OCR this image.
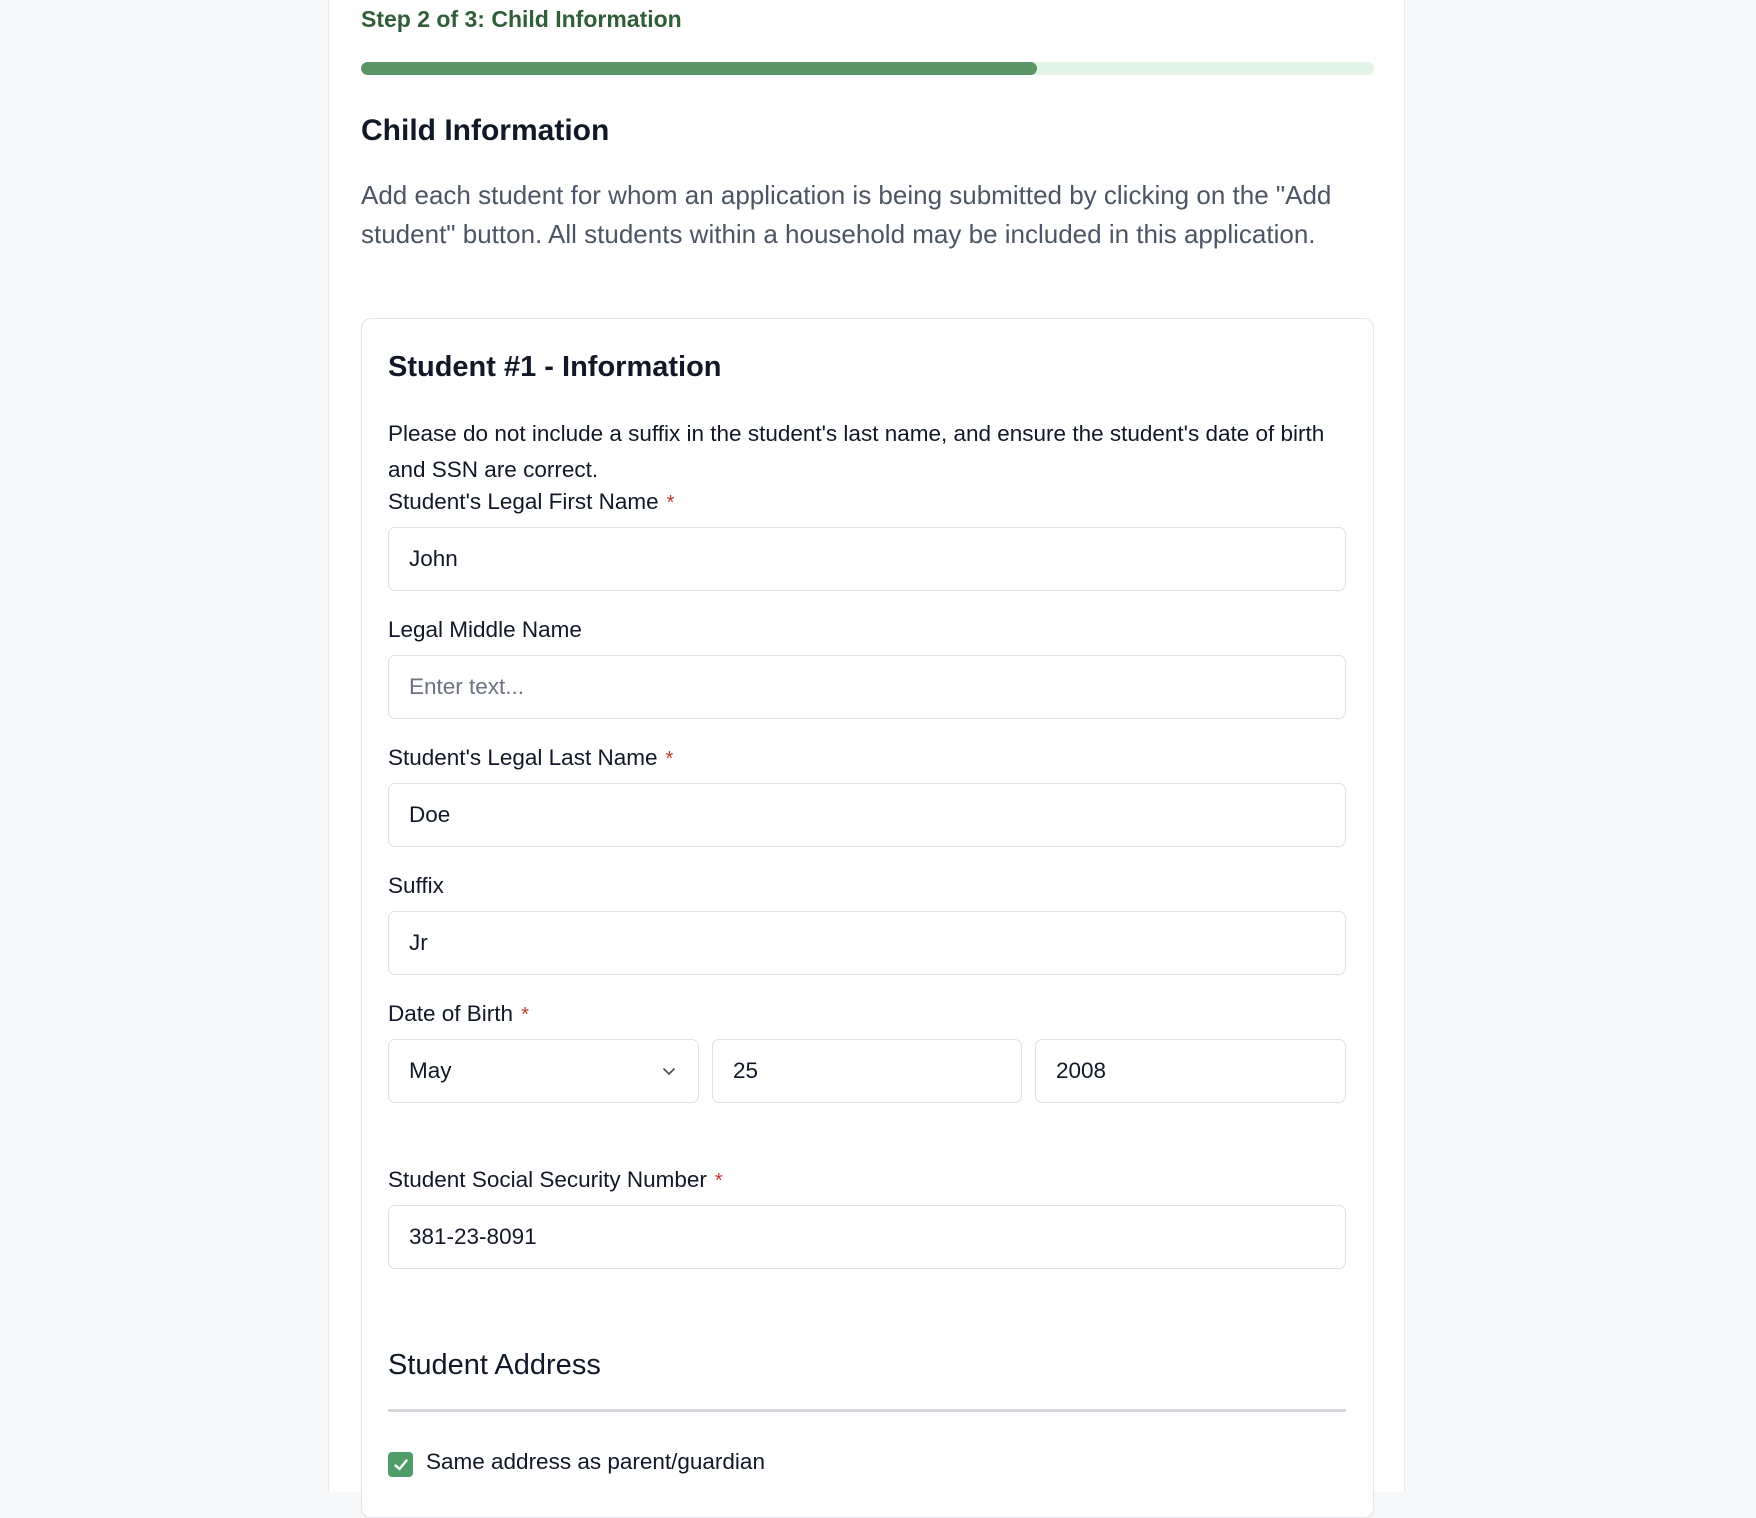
Step 2 of 3: Child Information
Child Information
Add each student for whom an application is being submitted by clicking on the "Add student" button. All students within a household may be included in this application.
Student #1 - Information
Please do not include a suffix in the student's last name, and ensure the student's date of birth and SSN are correct.
Student's Legal First Name *
John
Legal Middle Name
Enter text...
Student's Legal Last Name *
Doe
Suffix
Jr
Date of Birth *
May	25	2008
Student Social Security Number *
381-23-8091
Student Address
Same address as parent/guardian
